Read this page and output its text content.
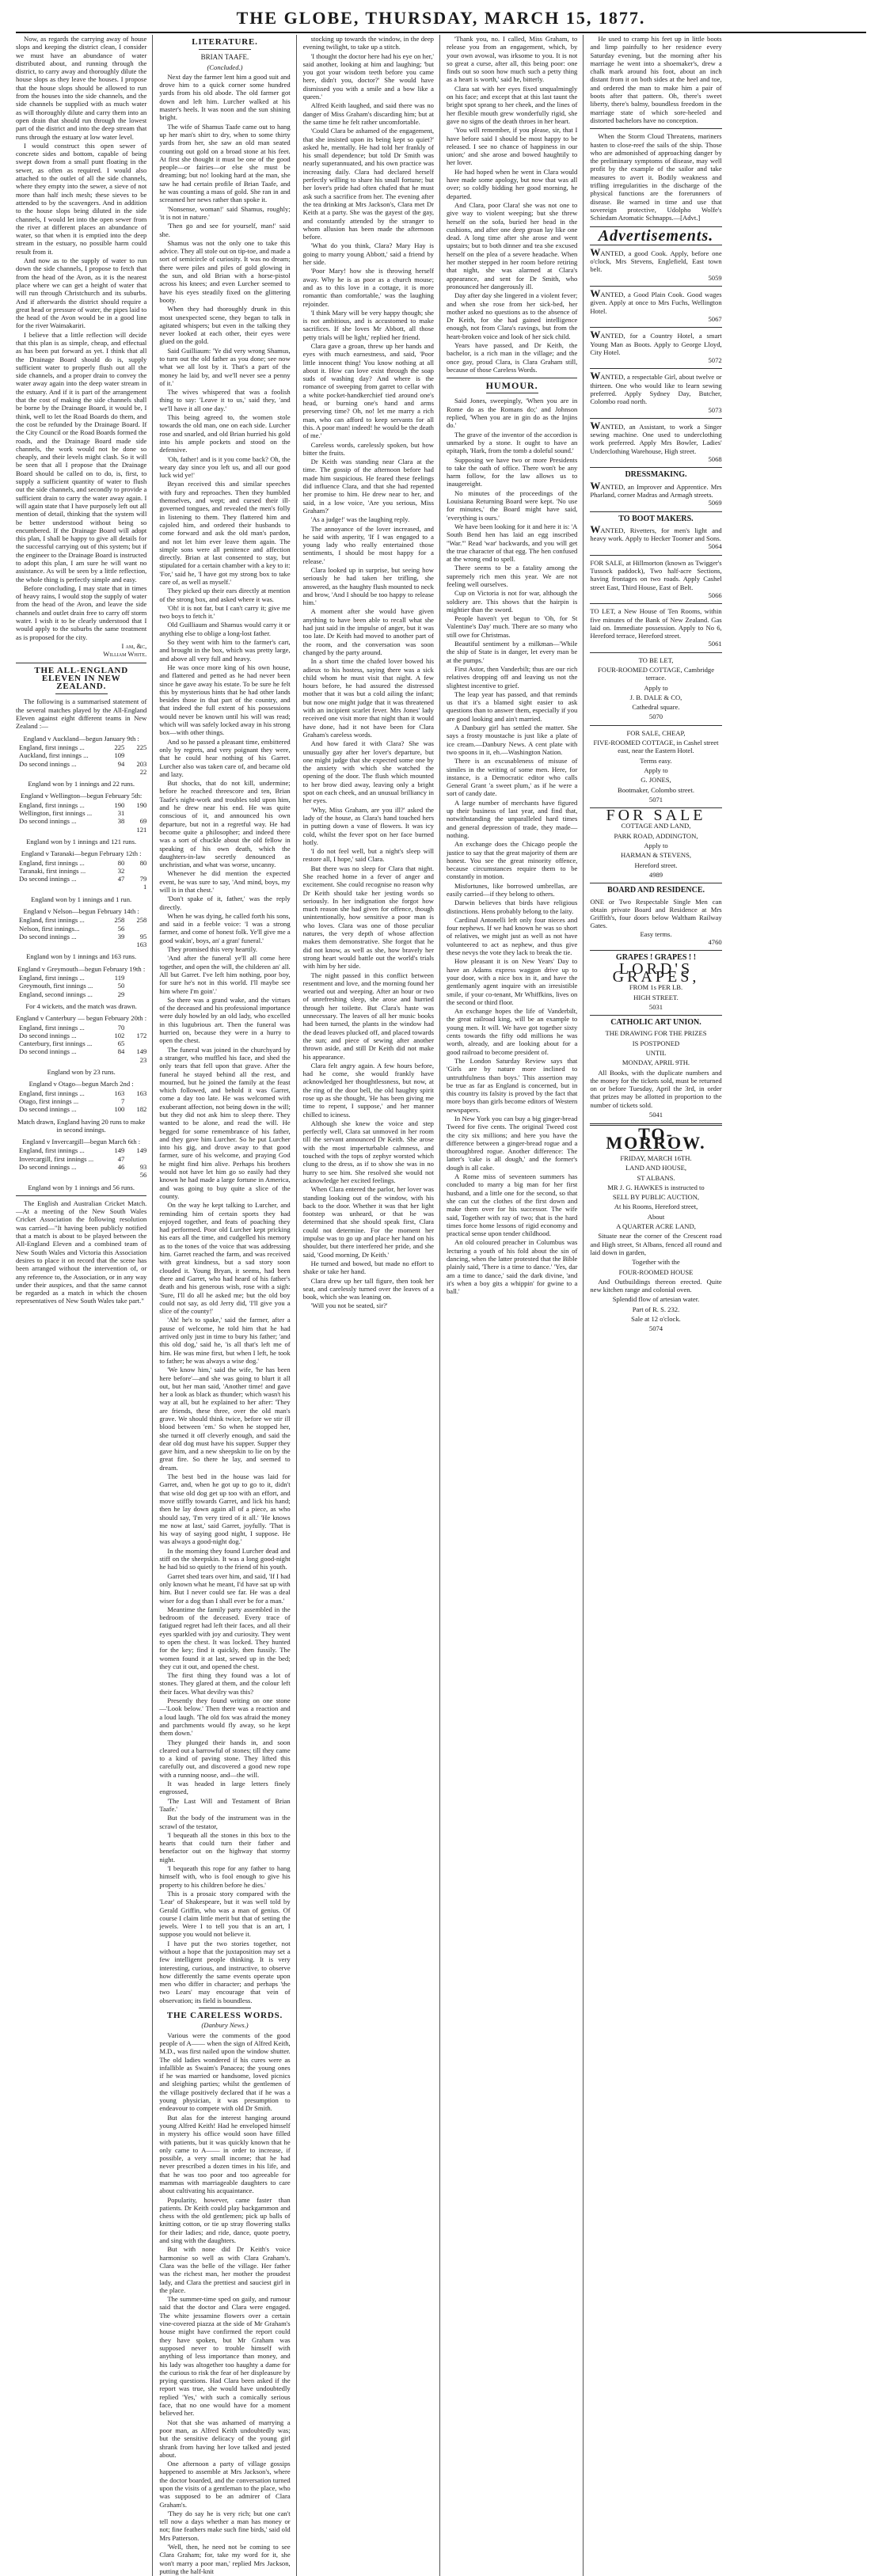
THE GLOBE, THURSDAY, MARCH 15, 1877.

Now, as regards the carrying away of house slops and keeping the district clean, I consider we must have an abundance of water distributed about, and running through the district, to carry away and thoroughly dilute the house slops as they leave the houses. I propose that the house slops should be allowed to run from the houses into the side channels, and the side channels be supplied with as much water as will thoroughly dilute and carry them into an open drain that should run through the lowest part of the district and into the deep stream that runs through the estuary at low water level.

I would construct this open sewer of concrete sides and bottom, capable of being swept down from a small punt floating in the sewer, as often as required. I would also attached to the outlet of all the side channels, where they empty into the sewer, a sieve of not more than half inch mesh; these sieves to be attended to by the scavengers. And in addition to the house slops being diluted in the side channels, I would let into the open sewer from the river at different places an abundance of water, so that when it is emptied into the deep stream in the estuary, no possible harm could result from it.

And now as to the supply of water to run down the side channels, I propose to fetch that from the head of the Avon, as it is the nearest place where we can get a height of water that will run through Christchurch and its suburbs. And if afterwards the district should require a great head or pressure of water, the pipes laid to the head of the Avon would be in a good line for the river Waimakariri.

I believe that a little reflection will decide that this plan is as simple, cheap, and effectual as has been put forward as yet. I think that all the Drainage Board should do is, supply sufficient water to properly flush out all the side channels, and a proper drain to convey the water away again into the deep water stream in the estuary. And if it is part of the arrangement that the cost of making the side channels shall be borne by the Drainage Board, it would be, I think, well to let the Road Boards do them, and the cost be refunded by the Drainage Board. If the City Council or the Road Boards formed the roads, and the Drainage Board made side channels, the work would not be done so cheaply, and their levels might clash. So it will be seen that all I propose that the Drainage Board should be called on to do, is, first, to supply a sufficient quantity of water to flush out the side channels, and secondly to provide a sufficient drain to carry the water away again. I will again state that I have purposely left out all mention of detail, thinking that the system will be better understood without being so encumbered. If the Drainage Board will adopt this plan, I shall be happy to give all details for the successful carrying out of this system; but if the engineer to the Drainage Board is instructed to adopt this plan, I am sure he will want no assistance. As will be seen by a little reflection, the whole thing is perfectly simple and easy.

Before concluding, I may state that in times of heavy rains, I would stop the supply of water from the head of the Avon, and leave the side channels and outlet drain free to carry off storm water. I wish it to be clearly understood that I would apply to the suburbs the same treatment as is proposed for the city.

I am, &c,

William White.

THE ALL-ENGLAND ELEVEN IN NEW ZEALAND.

The following is a summarised statement of the several matches played by the All-England Eleven against eight different teams in New Zealand :—

England v Auckland—begun January 9th :
England, first innings ...	225	225
Auckland, first innings ...	109
Do second innings ...	94	203
22
England won by 1 innings and 22 runs.
England v Wellington—begun February 5th:
England, first innings ...	190	190
Wellington, first innings ...	31
Do second innings ...	38	69
121
England won by 1 innings and 121 runs.
England v Taranaki—begun February 12th :
England, first innings ...	80	80
Taranaki, first innings ...	32
Do second innings ...	47	79
1
England won by 1 innings and 1 run.
England v Nelson—begun February 14th :
England, first innings ...	258	258
Nelson, first innings...	56
Do second innings ...	39	95
163
England won by 1 innings and 163 runs.
England v Greymouth—begun February 19th :
England, first innings ...	119
Greymouth, first innings ...	50
England, second innings ...	29
For 4 wickets, and the match was drawn.
England v Canterbury — begun February 20th :
England, first innings ...	70
Do second innings ...	102	172
Canterbury, first innings ...	65
Do second innings ...	84	149
23
England won by 23 runs.
England v Otago—begun March 2nd :
England, first innings ...	163	163
Otago, first innings ...	7
Do second innings ...	100	182
Match drawn, England having 20 runs to make in second innings.
England v Invercargill—begun March 6th :
England, first innings ...	149	149
Invercargill, first innings ...	47
Do second innings ...	46	93
56
England won by 1 innings and 56 runs.

The English and Australian Cricket Match.—At a meeting of the New South Wales Cricket Association the following resolution was carried—"It having been publicly notified that a match is about to be played between the All-England Eleven and a combined team of New South Wales and Victoria this Association desires to place it on record that the scene has been arranged without the intervention of, or any reference to, the Association, or in any way under their auspices, and that the same cannot be regarded as a match in which the chosen representatives of New South Wales take part."

LITERATURE.
BRIAN TAAFE.
(Concluded.)

Next day the farmer lent him a good suit and drove him to a quick corner some hundred yards from his old abode. The old farmer got down and left him. Lurcher walked at his master's heels. It was noon and the sun shining bright.

The wife of Shamus Taafe came out to hang up her man's shirt to dry, when to some thirty yards from her, she saw an old man seated counting out gold on a broad stone at his feet. At first she thought it must be one of the good people—or fairies—or else she must be dreaming; but no! looking hard at the man, she saw he had certain profile of Brian Taafe, and he was counting a mass of gold. She ran in and screamed her news rather than spoke it.

'Nonsense, woman!' said Shamus, roughly; 'it is not in nature.'

'Then go and see for yourself, man!' said she.

Shamus was not the only one to take this advice. They all stole out on tip-toe, and made a sort of semicircle of curiosity. It was no dream; there were piles and piles of gold glowing in the sun, and old Brian with a horse-pistol across his knees; and even Lurcher seemed to have his eyes steadily fixed on the glittering booty.

When they had thoroughly drunk in this most unexpected scene, they began to talk in agitated whispers; but even in the talking they never looked at each other, their eyes were glued on the gold.

Said Guilliaum: 'Ye did very wrong Shamus, to turn out the old father as you done; see now what we all lost by it. That's a part of the money he laid by, and we'll never see a penny of it.'

The wives whispered that was a foolish thing to say: 'Leave it to us,' said they, 'and we'll have it all one day.'

This being agreed to, the women stole towards the old man, one on each side. Lurcher rose and snarled, and old Brian hurried his gold into his ample pockets and stood on the defensive.

'Oh, father! and is it you come back? Oh, the weary day since you left us, and all our good luck wid ye!'

Bryan received this and similar speeches with fury and reproaches. Then they humbled themselves, and wept; and cursed their ill-governed tongues, and revealed the men's folly in listening to them. They flattered him and cajoled him, and ordered their husbands to come forward and ask the old man's pardon, and not let him ever leave them again. The simple sons were all penitence and affection directly. Brian at last consented to stay, but stipulated for a certain chamber with a key to it: 'For,' said he, 'I have got my strong box to take care of, as well as myself.'

They picked up their ears directly at mention of the strong box, and asked where it was.

'Oh! it is not far, but I can't carry it; give me two boys to fetch it.'

Old Guilliaum and Shamus would carry it or anything else to oblige a long-lost father.

So they went with him to the farmer's cart, and brought in the box, which was pretty large, and above all very full and heavy.

He was once more king of his own house, and flattered and petted as he had never been since he gave away his estate. To be sure he felt this by mysterious hints that he had other lands besides those in that part of the country, and that indeed the full extent of his possessions would never be known until his will was read; which will was safely locked away in his strong box—with other things.

And so he passed a pleasant time, embittered only by regrets, and very poignant they were, that he could hear nothing of his Garret. Lurcher also was taken care of, and became old and lazy.

But shocks, that do not kill, undermine; before he reached threescore and ten, Brian Taafe's night-work and troubles told upon him, and he drew near his end. He was quite conscious of it, and announced his own departure, but not in a regretful way. He had become quite a philosopher; and indeed there was a sort of chuckle about the old fellow in speaking of his own death, which the daughters-in-law secretly denounced as unchristian, and what was worse, uncanny.

Whenever he did mention the expected event, he was sure to say, 'And mind, boys, my will is in that chest.'

'Don't spake of it, father,' was the reply directly.

When he was dying, he called forth his sons, and said in a feeble voice: 'I was a strong farmer, and come of honest folk. Ye'll give me a good wakin', boys, an' a gran' funeral.'

They promised this very heartily.

'And after the funeral ye'll all come here together, and open the will, the childeren an' all. All but Garret. I've left him nothing, poor boy, for sure he's not in this world. I'll maybe see him where I'm goin'.'

So there was a grand wake, and the virtues of the deceased and his professional importance were duly howled by an old lady, who excelled in this lugubrious art. Then the funeral was hurried on, because they were in a hurry to open the chest.

The funeral was joined in the churchyard by a stranger, who muffled his face, and shed the only tears that fell upon that grave. After the funeral he stayed behind all the rest, and mourned, but he joined the family at the feast which followed, and behold it was Garret, come a day too late. He was welcomed with exuberant affection, not being down in the will; but they did not ask him to sleep there. They wanted to be alone, and read the will. He begged for some remembrance of his father, and they gave him Lurcher. So he put Lurcher into his gig, and drove away to that good farmer, sure of his welcome, and praying God he might find him alive. Perhaps his brothers would not have let him go so easily had they known he had made a large fortune in America, and was going to buy quite a slice of the county.

On the way he kept talking to Lurcher, and reminding him of certain sports they had enjoyed together, and feats of poaching they had performed. Poor old Lurcher kept pricking his ears all the time, and cudgelled his memory as to the tones of the voice that was addressing him. Garret reached the farm, and was received with great kindness, but a sad story soon clouded it. Young Bryan, it seems, had been there and Garret, who had heard of his father's death and his generous wish, rose with a sigh: 'Sure, I'll do all he asked me; but the old boy could not say, as old Jerry did, 'I'll give you a slice of the county!'

'Ah! he's to spake,' said the farmer, after a pause of welcome, he told him that he had arrived only just in time to bury his father; 'and this old dog,' said he, 'is all that's left me of him. He was mine first, but when I left, he took to father; he was always a wise dog.'

'We know him,' said the wife, 'he has been here before'—and she was going to blurt it all out, but her man said, 'Another time! and gave her a look as black as thunder; which wasn't his way at all, but he explained to her after: 'They are friends, these three, over the old man's grave. We should think twice, before we stir ill blood between 'em.' So when he stopped her, she turned it off cleverly enough, and said the dear old dog must have his supper. Supper they gave him, and a new sheepskin to lie on by the great fire. So there he lay, and seemed to dream.

The best bed in the house was laid for Garret, and, when he got up to go to it, didn't that wise old dog get up too with an effort, and move stiffly towards Garret, and lick his hand; then he lay down again all of a piece, as who should say, 'I'm very tired of it all.' 'He knows me now at last,' said Garret, joyfully. 'That is his way of saying good night, I suppose. He was always a good-night dog.'

In the morning they found Lurcher dead and stiff on the sheepskin. It was a long good-night he had bid so quietly to the friend of his youth.

Garret shed tears over him, and said, 'If I had only known what he meant, I'd have sat up with him. But I never could see far. He was a deal wiser for a dog than I shall ever be for a man.'

Meantime the family party assembled in the bedroom of the deceased. Every trace of fatigued regret had left their faces, and all their eyes sparkled with joy and curiosity. They went to open the chest. It was locked. They hunted for the key; find it quickly, then fussily. The women found it at last, sewed up in the bed; they cut it out, and opened the chest.

The first thing they found was a lot of stones. They glared at them, and the colour left their faces. What devilry was this?

Presently they found writing on one stone—'Look below.' Then there was a reaction and a loud laugh. 'The old fox was afraid the money and parchments would fly away, so he kept them down.'

They plunged their hands in, and soon cleared out a barrowful of stones; till they came to a kind of paving stone. They lifted this carefully out, and discovered a good new rope with a running noose, and—the will.

It was headed in large letters finely engrossed,

'The Last Will and Testament of Brian Taafe.'

But the body of the instrument was in the scrawl of the testator,

'I bequeath all the stones in this box to the hearts that could turn their father and benefactor out on the highway that stormy night.

'I bequeath this rope for any father to hang himself with, who is fool enough to give his property to his children before he dies.'

This is a prosaic story compared with the 'Lear' of Shakespeare, but it was well told by Gerald Griffin, who was a man of genius. Of course I claim little merit but that of setting the jewels. Were I to tell you that is an art, I suppose you would not believe it.

I have put the two stories together, not without a hope that the juxtaposition may set a few intelligent people thinking. It is very interesting, curious, and instructive, to observe how differently the same events operate upon men who differ in character; and perhaps 'the two Lears' may encourage that vein of observation; its field is boundless.

THE CARELESS WORDS.
(Danbury News.)

Various were the comments of the good people of A—— when the sign of Alfred Keith, M.D., was first nailed upon the window shutter. The old ladies wondered if his cures were as infallible as Swaim's Panacea; the young ones if he was married or handsome, loved picnics and sleighing parties; whilst the gentlemen of the village positively declared that if he was a young physician, it was presumption to endeavour to compete with old Dr Smith.

But alas for the interest hanging around young Alfred Keith! Had he enveloped himself in mystery his office would soon have filled with patients, but it was quickly known that he only came to A—— in order to increase, if possible, a very small income; that he had never prescribed a dozen times in his life, and that he was too poor and too agreeable for mammas with marriageable daughters to care about cultivating his acquaintance.

Popularity, however, came faster than patients. Dr Keith could play backgammon and chess with the old gentlemen; pick up balls of knitting cotton, or tie up stray flowering stalks for their ladies; and ride, dance, quote poetry, and sing with the daughters.

But with none did Dr Keith's voice harmonise so well as with Clara Graham's. Clara was the belle of the village. Her father was the richest man, her mother the proudest lady, and Clara the prettiest and sauciest girl in the place.

The summer-time sped on gaily, and rumour said that the doctor and Clara were engaged. The white jessamine flowers over a certain vine-covered piazza at the side of Mr Graham's house might have confirmed the report could they have spoken, but Mr Graham was supposed never to trouble himself with anything of less importance than money, and his lady was altogether too haughty a dame for the curious to risk the fear of her displeasure by prying questions. Had Clara been asked if the report was true, she would have undoubtedly replied 'Yes,' with such a comically serious face, that no one would have for a moment believed her.

Not that she was ashamed of marrying a poor man, as Alfred Keith undoubtedly was; but the sensitive delicacy of the young girl shrank from having her love talked and jested about.

One afternoon a party of village gossips happened to assemble at Mrs Jackson's, where the doctor boarded, and the conversation turned upon the visits of a gentleman to the place, who was supposed to be an admirer of Clara Graham's.

'They do say he is very rich; but one can't tell now a days whether a man has money or not; fine feathers make such fine birds,' said old Mrs Patterson.

'Well, then, he need not be coming to see Clara Graham; for, take my word for it, she won't marry a poor man,' replied Mrs Jackson, putting the half-knit

stocking up towards the window, in the deep evening twilight, to take up a stitch.

'I thought the doctor here had his eye on her,' said another, looking at him and laughing; 'but you got your wisdom teeth before you came here, didn't you, doctor?' She would have dismissed you with a smile and a bow like a queen.'

Alfred Keith laughed, and said there was no danger of Miss Graham's discarding him; but at the same time he felt rather uncomfortable.

'Could Clara be ashamed of the engagement, that she insisted upon its being kept so quiet?' asked he, mentally. He had told her frankly of his small dependence; but told Dr Smith was nearly superannuated, and his own practice was increasing daily. Clara had declared herself perfectly willing to share his small fortune; but her lover's pride had often chafed that he must ask such a sacrifice from her. The evening after the tea drinking at Mrs Jackson's, Clara met Dr Keith at a party. She was the gayest of the gay, and constantly attended by the stranger to whom allusion has been made the afternoon before.

'What do you think, Clara? Mary Hay is going to marry young Abbott,' said a friend by her side.

'Poor Mary! how she is throwing herself away. Why he is as poor as a church mouse; and as to this love in a cottage, it is more romantic than comfortable,' was the laughing rejoinder.

'I think Mary will be very happy though; she is not ambitious, and is accustomed to make sacrifices. If she loves Mr Abbott, all those petty trials will be light,' replied her friend.

Clara gave a groan, threw up her hands and eyes with much earnestness, and said, 'Poor little innocent thing! You know nothing at all about it. How can love exist through the soap suds of washing day? And where is the romance of sweeping from garret to cellar with a white pocket-handkerchief tied around one's head, or burning one's hand and arms preserving time? Oh, no! let me marry a rich man, who can afford to keep servants for all this. A poor man! indeed! he would be the death of me.'

Careless words, carelessly spoken, but how bitter the fruits.

Dr Keith was standing near Clara at the time. The gossip of the afternoon before had made him suspicious. He feared these feelings did influence Clara, and that she had repented her promise to him. He drew near to her, and said, in a low voice, 'Are you serious, Miss Graham?'

'As a judge!' was the laughing reply.

The annoyance of the lover increased, and he said with asperity, 'If I was engaged to a young lady who really entertained those sentiments, I should be most happy for a release.'

Clara looked up in surprise, but seeing how seriously he had taken her trifling, she answered, as the haughty flush mounted to neck and brow, 'And I should be too happy to release him.'

A moment after she would have given anything to have been able to recall what she had just said in the impulse of anger, but it was too late. Dr Keith had moved to another part of the room, and the conversation was soon changed by the party around.

In a short time the chafed lover bowed his adieux to his hostess, saying there was a sick child whom he must visit that night. A few hours before, he had assured the distressed mother that it was but a cold ailing the infant; but now one might judge that it was threatened with an incipient scarlet fever. Mrs Jones' lady received one visit more that night than it would have done, had it not have been for Clara Graham's careless words.

And how fared it with Clara? She was unusually gay after her lover's departure, but one might judge that she expected some one by the anxiety with which she watched the opening of the door. The flush which mounted to her brow died away, leaving only a bright spot on each cheek, and an unusual brilliancy in her eyes.

'Why, Miss Graham, are you ill?' asked the lady of the house, as Clara's hand touched hers in putting down a vase of flowers. It was icy cold, whilst the fever spot on her face burned hotly.

'I do not feel well, but a night's sleep will restore all, I hope,' said Clara.

But there was no sleep for Clara that night. She reached home in a fever of anger and excitement. She could recognise no reason why Dr Keith should take her jesting words so seriously. In her indignation she forgot how much reason she had given for offence, though unintentionally, how sensitive a poor man is who loves. Clara was one of those peculiar natures, the very depth of whose affection makes them demonstrative. She forgot that he did not know, as well as she, how bravely her strong heart would battle out the world's trials with him by her side.

The night passed in this conflict between resentment and love, and the morning found her wearied out and weeping. After an hour or two of unrefreshing sleep, she arose and hurried through her toilette. But Clara's haste was unnecessary. The leaves of all her music books had been turned, the plants in the window had the dead leaves plucked off, and placed towards the sun; and piece of sewing after another thrown aside, and still Dr Keith did not make his appearance.

Clara felt angry again. A few hours before, had he come, she would frankly have acknowledged her thoughtlessness, but now, at the ring of the door bell, the old haughty spirit rose up as she thought, 'He has been giving me time to repent, I suppose,' and her manner chilled to iciness.

Although she knew the voice and step perfectly well, Clara sat unmoved in her room till the servant announced Dr Keith. She arose with the most imperturbable calmness, and touched with the tops of zephyr worsted which clung to the dress, as if to show she was in no hurry to see him. She resolved she would not acknowledge her excited feelings.

When Clara entered the parlor, her lover was standing looking out of the window, with his back to the door. Whether it was that her light footstep was unheard, or that he was determined that she should speak first, Clara could not determine. For the moment her impulse was to go up and place her hand on his shoulder, but there interfered her pride, and she said, 'Good morning, Dr Keith.'

He turned and bowed, but made no effort to shake or take her hand.

Clara drew up her tall figure, then took her seat, and carelessly turned over the leaves of a book, which she was leaning on.

'Will you not be seated, sir?'

'Thank you, no. I called, Miss Graham, to release you from an engagement, which, by your own avowal, was irksome to you. It is not so great a curse, after all, this being poor: one finds out so soon how much such a petty thing as a heart is worth,' said he, bitterly.

Clara sat with her eyes fixed unqualmingly on his face; and except that at this last taunt the bright spot sprang to her cheek, and the lines of her flexible mouth grew wonderfully rigid, she gave no signs of the death throes in her heart.

'You will remember, if you please, sir, that I have before said I should be most happy to be released. I see no chance of happiness in our union;' and she arose and bowed haughtily to her lover.

He had hoped when he went in Clara would have made some apology, but now that was all over; so coldly bidding her good morning, he departed.

And Clara, poor Clara! she was not one to give way to violent weeping; but she threw herself on the sofa, buried her head in the cushions, and after one deep groan lay like one dead. A long time after she arose and went upstairs; but to both dinner and tea she excused herself on the plea of a severe headache. When her mother stepped in her room before retiring that night, she was alarmed at Clara's appearance, and sent for Dr Smith, who pronounced her dangerously ill.

Day after day she lingered in a violent fever; and when she rose from her sick-bed, her mother asked no questions as to the absence of Dr Keith, for she had gained intelligence enough, not from Clara's ravings, but from the heart-broken voice and look of her sick child.

Years have passed, and Dr Keith, the bachelor, is a rich man in the village; and the once gay, proud Clara, is Clara Graham still, because of those Careless Words.

HUMOUR.

Said Jones, sweepingly, 'When you are in Rome do as the Romans do;' and Johnson replied, 'When you are in gin do as the Injins do.'

The grave of the inventor of the accordion is unmarked by a stone. It ought to have an epitaph, 'Hark, from the tomb a doleful sound.'

Supposing we have two or more Presidents to take the oath of office. There won't be any harm follow, for the law allows us to inaugereight.

No minutes of the proceedings of the Louisiana Returning Board were kept. 'No use for minutes,' the Board might have said, 'everything is ours.'

We have been looking for it and here it is: 'A South Bend hen has laid an egg inscribed "War."' Read 'war' backwards, and you will get the true character of that egg. The hen confused at the wrong end to spell.

There seems to be a fatality among the supremely rich men this year. We are not feeling well ourselves.

Cup on Victoria is not for war, although the soldiery are. This shows that the hairpin is mightier than the sword.

People haven't yet begun to 'Oh, for St Valentine's Day' much. There are so many who still owe for Christmas.

Beautiful sentiment by a milkman—'While the ship of State is in danger, let every man be at the pumps.'

First Astor, then Vanderbilt; thus are our rich relatives dropping off and leaving us not the slightest incentive to grief.

The leap year has passed, and that reminds us that it's a blamed sight easier to ask questions than to answer them, especially if you are good looking and ain't married.

A Danbury girl has settled the matter. She says a frosty moustache is just like a plate of ice cream.—Danbury News. A cent plate with two spoons in it, eh.—Washington Nation.

There is an excusableness of misuse of similes in the writing of some men. Here, for instance, is a Democratic editor who calls General Grant 'a sweet plum,' as if he were a sort of candy date.

A large number of merchants have figured up their business of last year, and find that, notwithstanding the unparalleled hard times and general depression of trade, they made—nothing.

An exchange does the Chicago people the justice to say that the great majority of them are honest. You see the great minority offence, because circumstances require them to be constantly in motion.

Misfortunes, like borrowed umbrellas, are easily carried—if they belong to others.

Darwin believes that birds have religious distinctions. Hens probably belong to the laity.

Cardinal Antonelli left only four nieces and four nephews. If we had known he was so short of relatives, we might just as well as not have volunteered to act as nephew, and thus give these nevys the vote they lack to break the tie.

How pleasant it is on New Years' Day to have an Adams express waggon drive up to your door, with a nice box in it, and have the gentlemanly agent inquire with an irresistible smile, if your co-tenant, Mr Whiffkins, lives on the second or third floor.

An exchange hopes the life of Vanderbilt, the great railroad king, will be an example to young men. It will. We have got together sixty cents towards the fifty odd millions he was worth, already, and are looking about for a good railroad to become president of.

The London Saturday Review says that 'Girls are by nature more inclined to untruthfulness than boys.' This assertion may be true as far as England is concerned, but in this country its falsity is proved by the fact that more boys than girls become editors of Western newspapers.

In New York you can buy a big ginger-bread Tweed for five cents. The original Tweed cost the city six millions; and here you have the difference between a ginger-bread rogue and a thoroughbred rogue. Another difference: The latter's 'cake is all dough,' and the former's dough is all cake.

A Rome miss of seventeen summers has concluded to marry a big man for her first husband, and a little one for the second, so that she can cut the clothes of the first down and make them over for his successor. The wife said, Together with ray of two; that is the hard times force home lessons of rigid economy and practical sense upon tender childhood.

An old coloured preacher in Columbus was lecturing a youth of his fold about the sin of dancing, when the latter protested that the Bible plainly said, 'There is a time to dance.' 'Yes, dar am a time to dance,' said the dark divine, 'and it's when a boy gits a whippin' for gwine to a ball.'

He used to cramp his feet up in little boots and limp painfully to her residence every Saturday evening, but the morning after his marriage he went into a shoemaker's, drew a chalk mark around his foot, about an inch distant from it on both sides at the heel and toe, and ordered the man to make him a pair of boots after that pattern. Oh, there's sweet liberty, there's balmy, boundless freedom in the marriage state of which sore-heeled and distorted bachelors have no conception.

When the Storm Cloud Threatens, mariners hasten to close-reef the sails of the ship. Those who are admonished of approaching danger by the preliminary symptoms of disease, may well profit by the example of the sailor and take measures to avert it. Bodily weakness and trifling irregularities in the discharge of the physical functions are the forerunners of disease. Be warned in time and use that sovereign protective, Udolpho Wolfe's Schiedam Aromatic Schnapps.—[Advt.]

Advertisements.
WANTED, a good Cook. Apply, before one o'clock, Mrs Stevens, Englefield, East town belt.
5059
WANTED, a Good Plain Cook. Good wages given. Apply at once to Mrs Fuchs, Wellington Hotel.
5067
WANTED, for a Country Hotel, a smart Young Man as Boots. Apply to George Lloyd, City Hotel.
5072
WANTED, a respectable Girl, about twelve or thirteen. One who would like to learn sewing preferred. Apply Sydney Day, Butcher, Colombo road north.
5073
WANTED, an Assistant, to work a Singer sewing machine. One used to underclothing work preferred. Apply Mrs Bowler, Ladies' Underclothing Warehouse, High street.
5068
DRESSMAKING.
WANTED, an Improver and Apprentice. Mrs Pharland, corner Madras and Armagh streets.
5069
TO BOOT MAKERS.
WANTED, Rivetters, for men's light and heavy work. Apply to Hecker Toomer and Sons.
5064
FOR SALE, at Hillmorton (known as Twigger's Tussock paddock), Two half-acre Sections, having frontages on two roads. Apply Cashel street East, Third House, East of Belt.
5066
TO LET, a New House of Ten Rooms, within five minutes of the Bank of New Zealand. Gas laid on. Immediate possession. Apply to No 6, Hereford terrace, Hereford street.
5061
TO BE LET,
FOUR-ROOMED COTTAGE, Cambridge terrace.
Apply to
J. B. DALE & CO,
Cathedral square.
5070
FOR SALE, CHEAP,
FIVE-ROOMED COTTAGE, in Cashel street east, near the Eastern Hotel.
Terms easy.
Apply to
G. JONES,
Bootmaker, Colombo street.
5071
FOR SALE
COTTAGE AND LAND,
PARK ROAD, ADDINGTON,
Apply to
HARMAN & STEVENS,
Hereford street.
4989
BOARD AND RESIDENCE.
ONE or Two Respectable Single Men can obtain private Board and Residence at Mrs Griffith's, four doors below Waltham Railway Gates.
Easy terms.
4760
GRAPES ! GRAPES ! !
LORD'S GRAPES,
FROM 1s PER LB.
HIGH STREET.
5031
CATHOLIC ART UNION.
THE DRAWING FOR THE PRIZES
IS POSTPONED
UNTIL
MONDAY, APRIL 9TH.

All Books, with the duplicate numbers and the money for the tickets sold, must be returned on or before Tuesday, April the 3rd, in order that prizes may be allotted in proportion to the number of tickets sold.

5041
TO-MORROW.
FRIDAY, MARCH 16TH.
LAND AND HOUSE,
ST ALBANS.
MR J. G. HAWKES is instructed to
SELL BY PUBLIC AUCTION,
At his Rooms, Hereford street,
About
A QUARTER ACRE LAND,

Situate near the corner of the Crescent road and High street, St Albans, fenced all round and laid down in garden,

Together with the
FOUR-ROOMED HOUSE

And Outbuildings thereon erected. Quite new kitchen range and colonial oven.

Splendid flow of artesian water.
Part of R. S. 232.
Sale at 12 o'clock.
5074
